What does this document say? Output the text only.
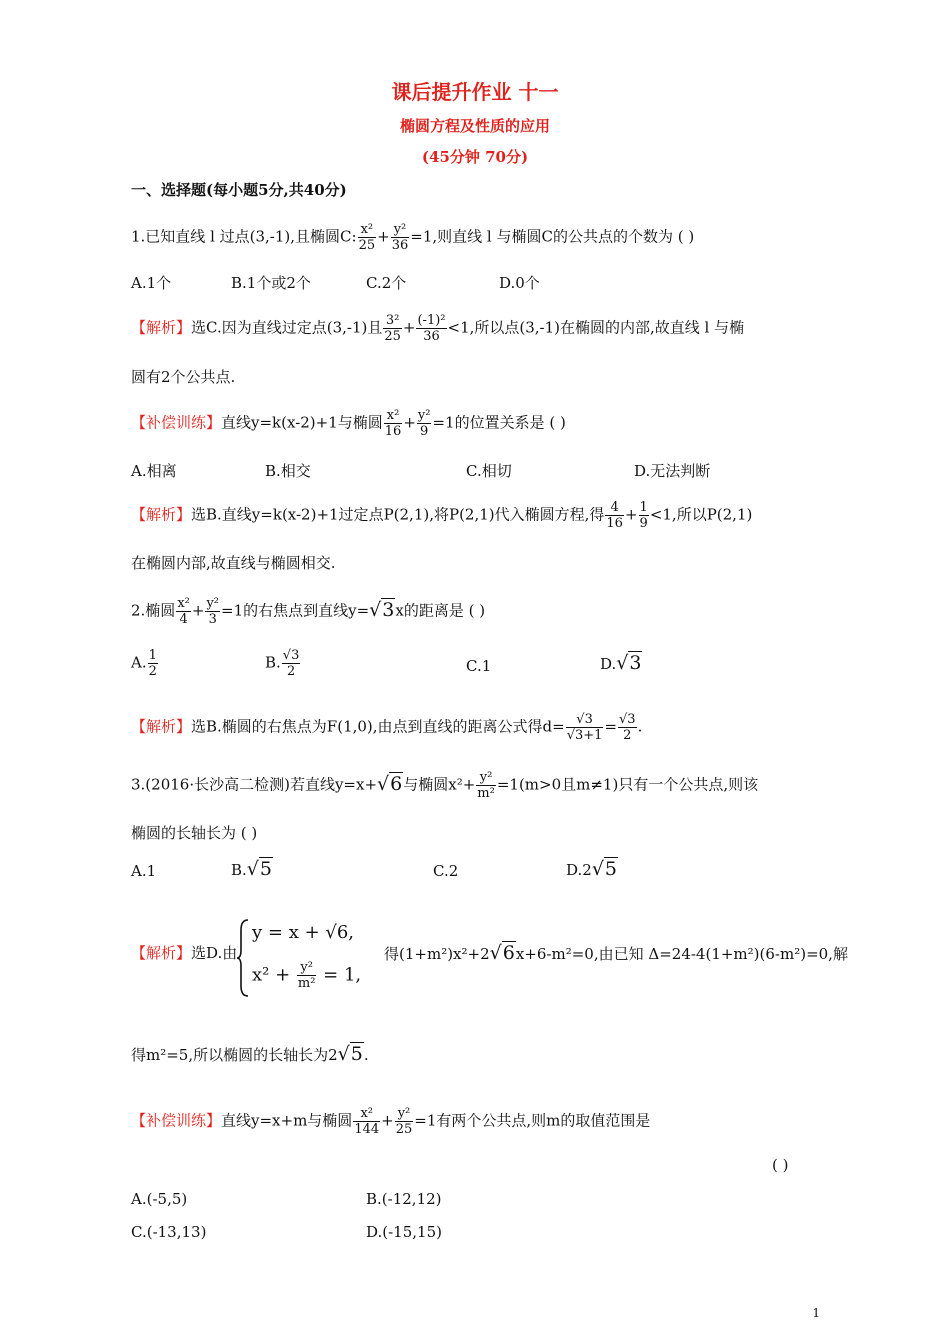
课后提升作业 十一
椭圆方程及性质的应用
(45分钟 70分)
一、选择题(每小题5分,共40分)
1.已知直线 l 过点(3,-1),且椭圆C: $\frac{\text{x²}}{25} + \frac{\text{y²}}{36} =1$,则直线 l 与椭圆C的公共点的个数为 ( )
A.1个	B.1个或2个	C.2个	D.0个
【解析】选C.因为直线过定点(3,-1)且 $\frac{\text{3²}}{25} + \frac{\text{(-1)²}}{36} <1$,所以点(3,-1)在椭圆的内部,故直线 l 与椭
圆有2个公共点.
【补偿训练】直线y=k(x-2)+1与椭圆 $\frac{\text{x²}}{16} + \frac{\text{y²}}{9} =1$的位置关系是 ( )
A.相离	B.相交	C.相切	D.无法判断
【解析】选B.直线y=k(x-2)+1过定点P(2,1),将P(2,1)代入椭圆方程,得 $\frac{4}{16} + \frac{1}{9} <1$,所以P(2,1)
在椭圆内部,故直线与椭圆相交.
2.椭圆 $\frac{\text{x²}}{4} + \frac{\text{y²}}{3} =1$的右焦点到直线y=√3x的距离是 ( )
A. $\frac{1}{2}$	B. $\frac{√3}{2}$	C.1	D.√3
【解析】选B.椭圆的右焦点为F(1,0),由点到直线的距离公式得$d= \frac{√3}{√3+1} = \frac{√3}{2}$ .
3.(2016·长沙高二检测)若直线y=x+√6与椭圆$x^2+ \frac{\text{y²}}{\text{m²}} =1(m>0$且m≠1)只有一个公共点,则该
椭圆的长轴长为 ( )
A.1	B.√5	C.2	D.2√5
【解析】选D.由
y = x + √6,
$x^2 + \frac{\text{y²}}{\text{m²}} = 1$,
得(1+m²)x²+2√6x+6-m²=0,由已知 Δ=24-4(1+m²)(6-m²)=0,解
得m²=5,所以椭圆的长轴长为2√5.
【补偿训练】直线y=x+m与椭圆 $\frac{\text{x²}}{144} + \frac{\text{y²}}{25} =1$有两个公共点,则m的取值范围是
( )
A.(-5,5)	B.(-12,12)
C.(-13,13)	D.(-15,15)
1
